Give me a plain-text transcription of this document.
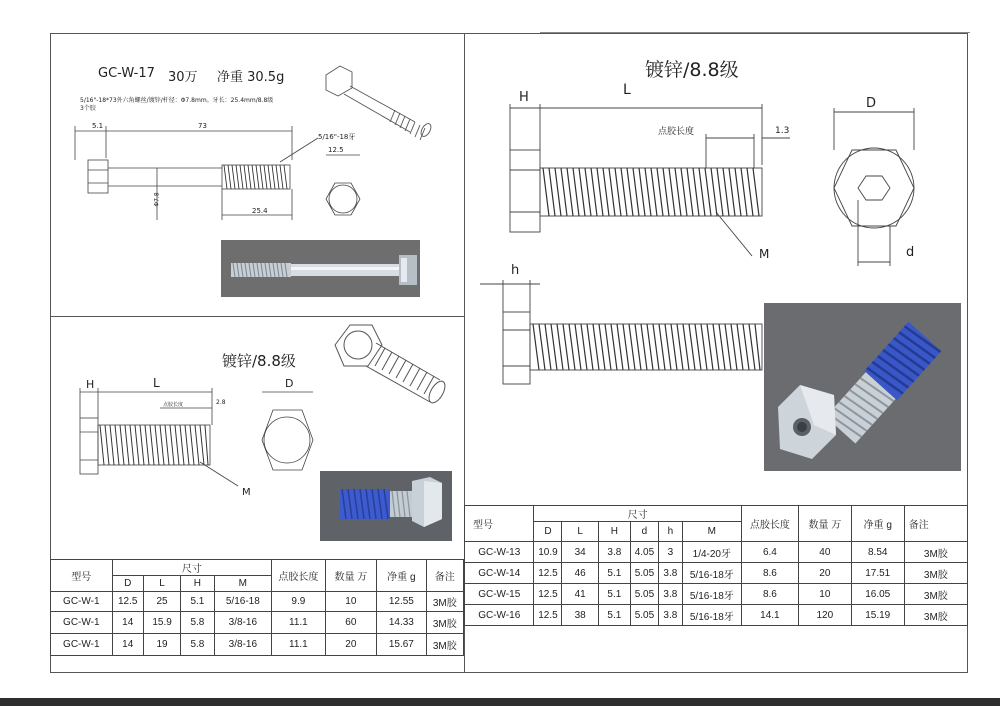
GC-W-17 30万 净重 30.5g
5/16"-18*73外六角螺丝/镀锌/杆径：Φ7.8mm。牙长：25.4mm/8.8级
3个胶
5.1	73
5/16"-18牙
12.5
Φ7.8
25.4
镀锌/8.8级
H	L	D
点胶长度	2.8
M
型号	尺寸				点胶长度	数量 万	净重 g	备注
	D	L	H	M				
GC-W-1	12.5	25	5.1	5/16-18	9.9	10	12.55	3M胶
GC-W-1	14	15.9	5.8	3/8-16	11.1	60	14.33	3M胶
GC-W-1	14	19	5.8	3/8-16	11.1	20	15.67	3M胶
镀锌/8.8级
H	L
D
点胶长度	1.3
M	d
h
型号	尺寸						点胶长度	数量 万	净重 g	备注
	D	L	H	d	h	M				
GC-W-13	10.9	34	3.8	4.05	3	1/4-20牙	6.4	40	8.54	3M胶
GC-W-14	12.5	46	5.1	5.05	3.8	5/16-18牙	8.6	20	17.51	3M胶
GC-W-15	12.5	41	5.1	5.05	3.8	5/16-18牙	8.6	10	16.05	3M胶
GC-W-16	12.5	38	5.1	5.05	3.8	5/16-18牙	14.1	120	15.19	3M胶
